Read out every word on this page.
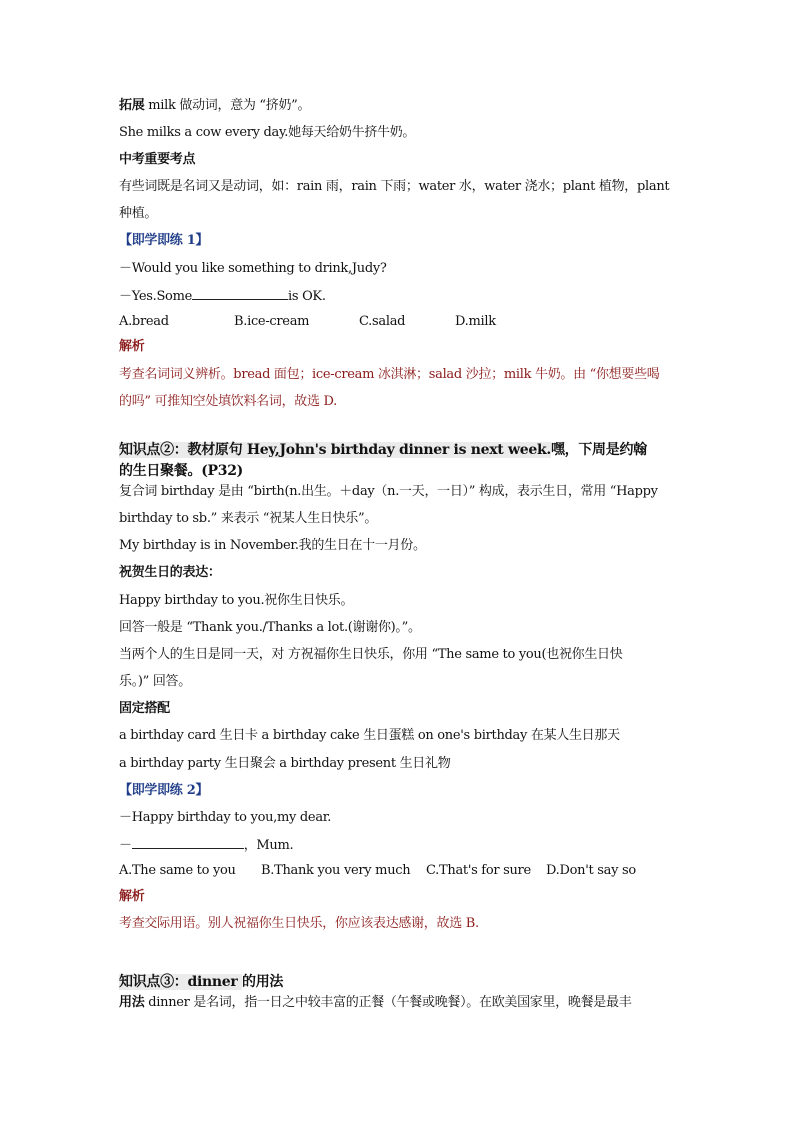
拓展 milk 做动词，意为 “挤奶”。
She milks a cow every day.她每天给奶牛挤牛奶。
中考重要考点
有些词既是名词又是动词，如：rain 雨，rain 下雨；water 水，water 浇水；plant 植物，plant
种植。
【即学即练 1】
－Would you like something to drink,Judy?
－Yes.Some	is OK.
A.bread	B.ice-cream	C.salad	D.milk
解析
考查名词词义辨析。bread 面包；ice-cream 冰淇淋；salad 沙拉；milk 牛奶。由 “你想要些喝
的吗” 可推知空处填饮料名词，故选 D.
知识点②：教材原句 Hey,John's birthday dinner is next week.嘿，下周是约翰
的生日聚餐。(P32)
复合词 birthday 是由 “birth(n.出生。＋day（n.一天，一日）” 构成，表示生日，常用 “Happy
birthday to sb.” 来表示 “祝某人生日快乐”。
My birthday is in November.我的生日在十一月份。
祝贺生日的表达：
Happy birthday to you.祝你生日快乐。
回答一般是 “Thank you./Thanks a lot.(谢谢你)。”。
当两个人的生日是同一天，对 方祝福你生日快乐，你用 “The same to you(也祝你生日快
乐。)” 回答。
固定搭配
a birthday card 生日卡 a birthday cake 生日蛋糕 on one's birthday 在某人生日那天
a birthday party 生日聚会 a birthday present 生日礼物
【即学即练 2】
－Happy birthday to you,my dear.
－	，Mum.
A.The same to you B.Thank you very much C.That's for sure D.Don't say so
解析
考查交际用语。别人祝福你生日快乐，你应该表达感谢，故选 B.
知识点③：dinner 的用法
用法 dinner 是名词，指一日之中较丰富的正餐（午餐或晚餐）。在欧美国家里，晚餐是最丰
